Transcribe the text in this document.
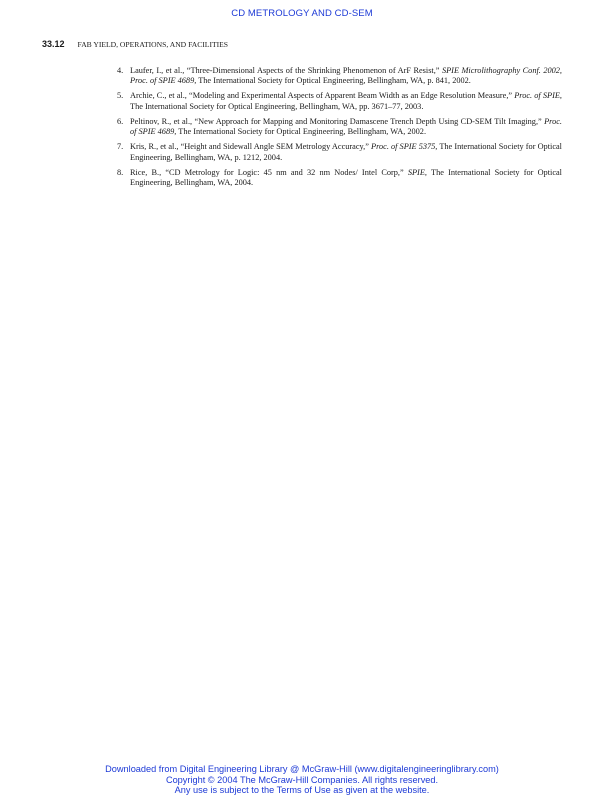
CD METROLOGY AND CD-SEM
33.12 FAB YIELD, OPERATIONS, AND FACILITIES
4. Laufer, I., et al., “Three-Dimensional Aspects of the Shrinking Phenomenon of ArF Resist,” SPIE Microlithography Conf. 2002, Proc. of SPIE 4689, The International Society for Optical Engineering, Bellingham, WA, p. 841, 2002.
5. Archie, C., et al., “Modeling and Experimental Aspects of Apparent Beam Width as an Edge Resolution Measure,” Proc. of SPIE, The International Society for Optical Engineering, Bellingham, WA, pp. 3671–77, 2003.
6. Peltinov, R., et al., “New Approach for Mapping and Monitoring Damascene Trench Depth Using CD-SEM Tilt Imaging,” Proc. of SPIE 4689, The International Society for Optical Engineering, Bellingham, WA, 2002.
7. Kris, R., et al., “Height and Sidewall Angle SEM Metrology Accuracy,” Proc. of SPIE 5375, The International Society for Optical Engineering, Bellingham, WA, p. 1212, 2004.
8. Rice, B., “CD Metrology for Logic: 45 nm and 32 nm Nodes/ Intel Corp,” SPIE, The International Society for Optical Engineering, Bellingham, WA, 2004.
Downloaded from Digital Engineering Library @ McGraw-Hill (www.digitalengineeringlibrary.com)
Copyright © 2004 The McGraw-Hill Companies. All rights reserved.
Any use is subject to the Terms of Use as given at the website.
